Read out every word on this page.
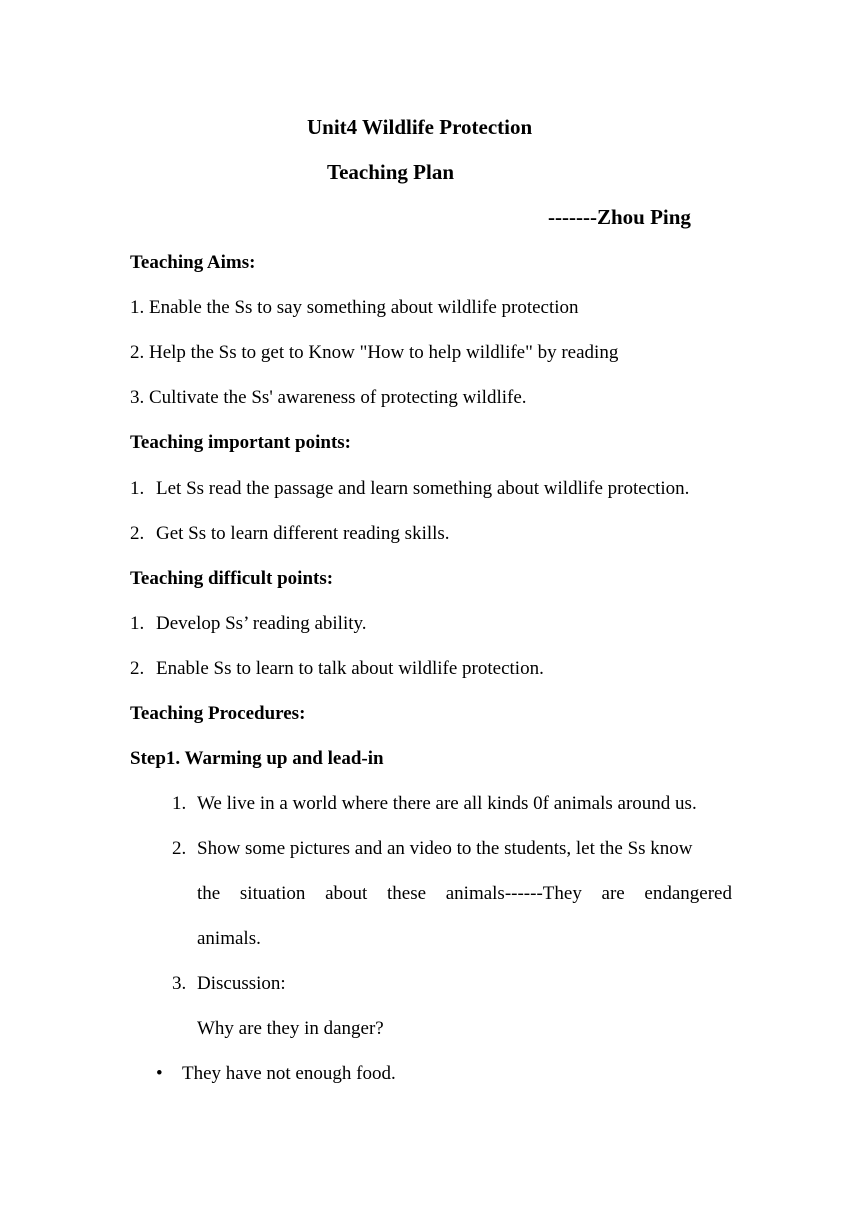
Unit4 Wildlife Protection
Teaching Plan
-------Zhou Ping
Teaching Aims:
1. Enable the Ss to say something about wildlife protection
2. Help the Ss to get to Know "How to help wildlife" by reading
3. Cultivate the Ss' awareness of protecting wildlife.
Teaching important points:
1. Let Ss read the passage and learn something about wildlife protection.
2. Get Ss to learn different reading skills.
Teaching difficult points:
1. Develop Ss’ reading ability.
2. Enable Ss to learn to talk about wildlife protection.
Teaching Procedures:
Step1. Warming up and lead-in
1. We live in a world where there are all kinds 0f animals around us.
2. Show some pictures and an video to the students, let the Ss know
the situation about these animals------They are endangered
animals.
3. Discussion:
Why are they in danger?
• They have not enough food.
